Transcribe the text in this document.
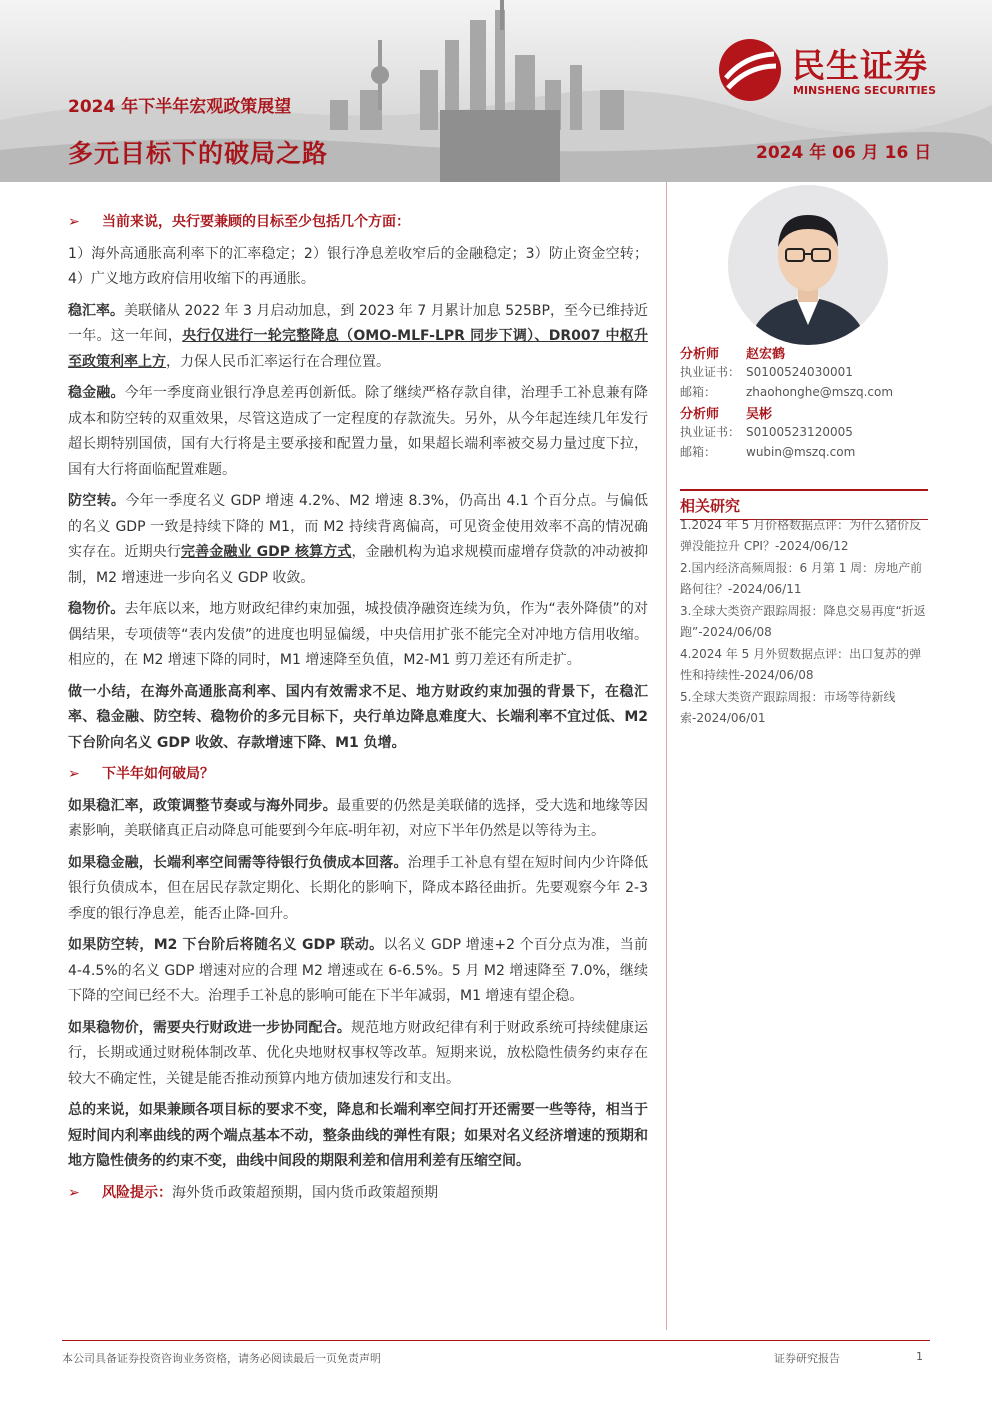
2024 年下半年宏观政策展望
多元目标下的破局之路	2024 年 06 月 16 日
民生证券
MINSHENG SECURITIES

➢ 当前来说，央行要兼顾的目标至少包括几个方面：

1）海外高通胀高利率下的汇率稳定；2）银行净息差收窄后的金融稳定；3）防止资金空转；4）广义地方政府信用收缩下的再通胀。

稳汇率。美联储从 2022 年 3 月启动加息，到 2023 年 7 月累计加息 525BP，至今已维持近一年。这一年间，央行仅进行一轮完整降息（OMO-MLF-LPR 同步下调）、DR007 中枢升至政策利率上方，力保人民币汇率运行在合理位置。

稳金融。今年一季度商业银行净息差再创新低。除了继续严格存款自律，治理手工补息兼有降成本和防空转的双重效果，尽管这造成了一定程度的存款流失。另外，从今年起连续几年发行超长期特别国债，国有大行将是主要承接和配置力量，如果超长端利率被交易力量过度下拉，国有大行将面临配置难题。

防空转。今年一季度名义 GDP 增速 4.2%、M2 增速 8.3%，仍高出 4.1 个百分点。与偏低的名义 GDP 一致是持续下降的 M1，而 M2 持续背离偏高，可见资金使用效率不高的情况确实存在。近期央行完善金融业 GDP 核算方式，金融机构为追求规模而虚增存贷款的冲动被抑制，M2 增速进一步向名义 GDP 收敛。

稳物价。去年底以来，地方财政纪律约束加强，城投债净融资连续为负，作为“表外降债”的对偶结果，专项债等“表内发债”的进度也明显偏缓，中央信用扩张不能完全对冲地方信用收缩。相应的，在 M2 增速下降的同时，M1 增速降至负值，M2-M1 剪刀差还有所走扩。

做一小结，在海外高通胀高利率、国内有效需求不足、地方财政约束加强的背景下，在稳汇率、稳金融、防空转、稳物价的多元目标下，央行单边降息难度大、长端利率不宜过低、M2 下台阶向名义 GDP 收敛、存款增速下降、M1 负增。

➢ 下半年如何破局？

如果稳汇率，政策调整节奏或与海外同步。最重要的仍然是美联储的选择，受大选和地缘等因素影响，美联储真正启动降息可能要到今年底-明年初，对应下半年仍然是以等待为主。

如果稳金融，长端利率空间需等待银行负债成本回落。治理手工补息有望在短时间内少许降低银行负债成本，但在居民存款定期化、长期化的影响下，降成本路径曲折。先要观察今年 2-3 季度的银行净息差，能否止降-回升。

如果防空转，M2 下台阶后将随名义 GDP 联动。以名义 GDP 增速+2 个百分点为准，当前 4-4.5%的名义 GDP 增速对应的合理 M2 增速或在 6-6.5%。5 月 M2 增速降至 7.0%，继续下降的空间已经不大。治理手工补息的影响可能在下半年减弱，M1 增速有望企稳。

如果稳物价，需要央行财政进一步协同配合。规范地方财政纪律有利于财政系统可持续健康运行，长期或通过财税体制改革、优化央地财权事权等改革。短期来说，放松隐性债务约束存在较大不确定性，关键是能否推动预算内地方债加速发行和支出。

总的来说，如果兼顾各项目标的要求不变，降息和长端利率空间打开还需要一些等待，相当于短时间内利率曲线的两个端点基本不动，整条曲线的弹性有限；如果对名义经济增速的预期和地方隐性债务的约束不变，曲线中间段的期限利差和信用利差有压缩空间。

➢ 风险提示：海外货币政策超预期，国内货币政策超预期

分析师 赵宏鹤
执业证书： S0100524030001
邮箱： zhaohonghe@mszq.com
分析师 吴彬
执业证书： S0100523120005
邮箱： wubin@mszq.com
相关研究
1.2024 年 5 月价格数据点评：为什么猪价反弹没能拉升 CPI？-2024/06/12
2.国内经济高频周报：6 月第 1 周：房地产前路何往？-2024/06/11
3.全球大类资产跟踪周报：降息交易再度“折返跑”-2024/06/08
4.2024 年 5 月外贸数据点评：出口复苏的弹性和持续性-2024/06/08
5.全球大类资产跟踪周报：市场等待新线索-2024/06/01
本公司具备证券投资咨询业务资格，请务必阅读最后一页免责声明	证券研究报告	1
